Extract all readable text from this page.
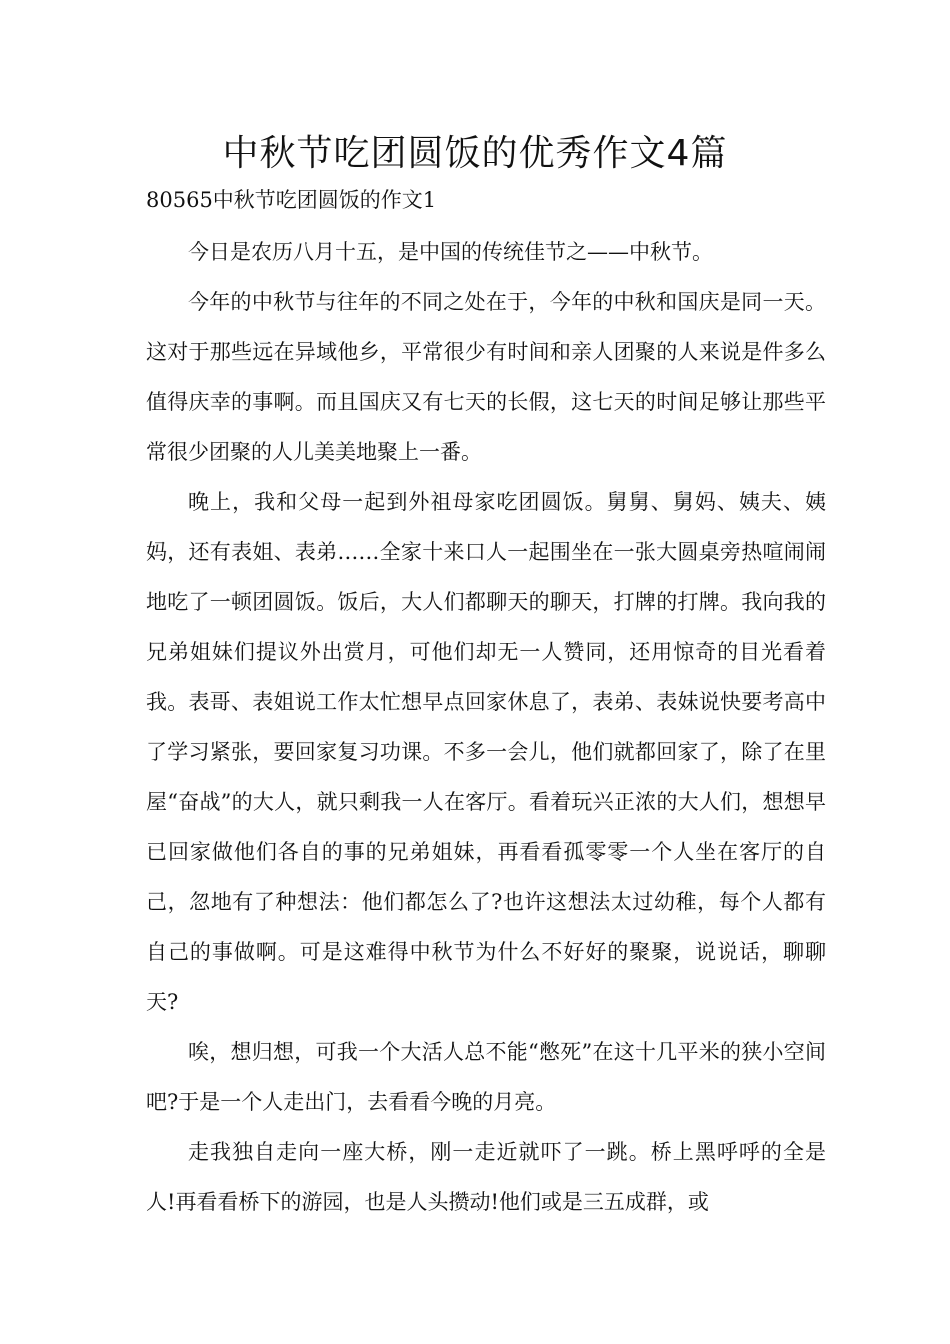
中秋节吃团圆饭的优秀作文4篇

80565中秋节吃团圆饭的作文1

今日是农历八月十五，是中国的传统佳节之——中秋节。

今年的中秋节与往年的不同之处在于，今年的中秋和国庆是同一天。这对于那些远在异域他乡，平常很少有时间和亲人团聚的人来说是件多么值得庆幸的事啊。而且国庆又有七天的长假，这七天的时间足够让那些平常很少团聚的人儿美美地聚上一番。

晚上，我和父母一起到外祖母家吃团圆饭。舅舅、舅妈、姨夫、姨妈，还有表姐、表弟……全家十来口人一起围坐在一张大圆桌旁热喧闹闹地吃了一顿团圆饭。饭后，大人们都聊天的聊天，打牌的打牌。我向我的兄弟姐妹们提议外出赏月，可他们却无一人赞同，还用惊奇的目光看着我。表哥、表姐说工作太忙想早点回家休息了，表弟、表妹说快要考高中了学习紧张，要回家复习功课。不多一会儿，他们就都回家了，除了在里屋“奋战”的大人，就只剩我一人在客厅。看着玩兴正浓的大人们，想想早已回家做他们各自的事的兄弟姐妹，再看看孤零零一个人坐在客厅的自己，忽地有了种想法：他们都怎么了?也许这想法太过幼稚，每个人都有自己的事做啊。可是这难得中秋节为什么不好好的聚聚，说说话，聊聊天?

唉，想归想，可我一个大活人总不能“憋死”在这十几平米的狭小空间吧?于是一个人走出门，去看看今晚的月亮。

走我独自走向一座大桥，刚一走近就吓了一跳。桥上黑呼呼的全是人!再看看桥下的游园，也是人头攒动!他们或是三五成群，或
